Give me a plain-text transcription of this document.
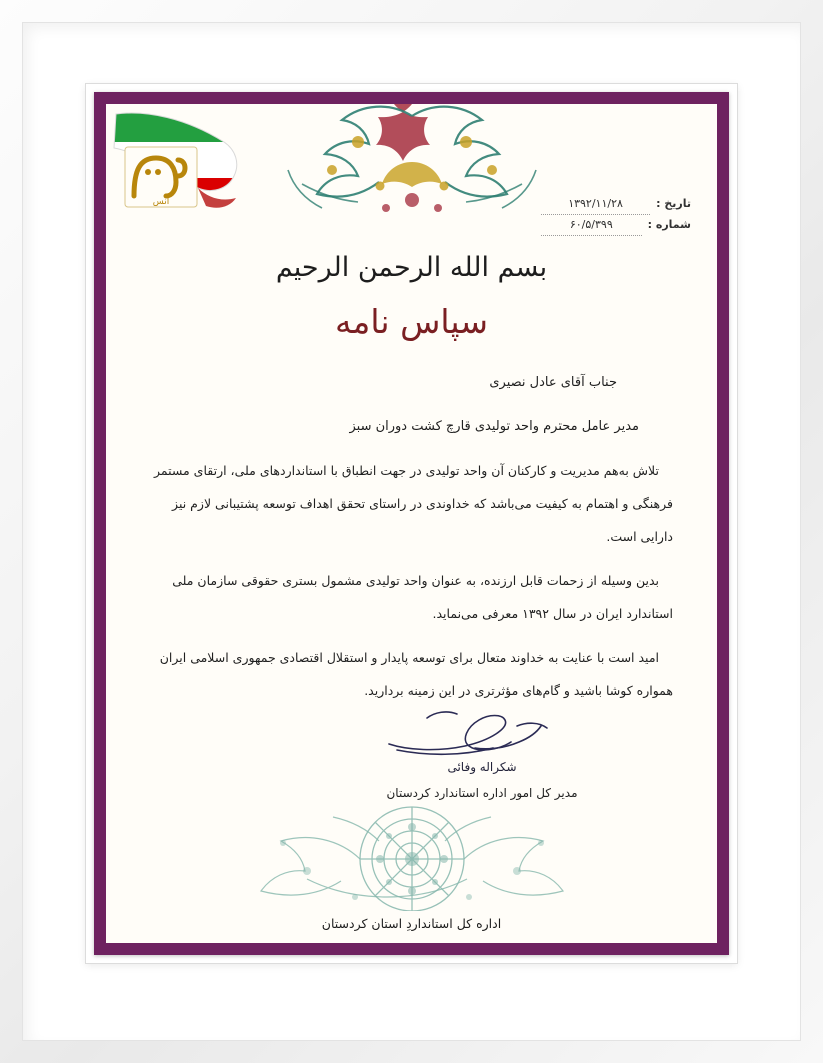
اُنس	تاریخ :
۱۳۹۲/۱۱/۲۸
شماره :
۶۰/۵/۳۹۹
بسم الله الرحمن الرحیم
سپاس نامه

جناب آقای عادل نصیری

مدیر عامل محترم واحد تولیدی قارچ کشت دوران سبز

تلاش به‌هم مدیریت و کارکنان آن واحد تولیدی در جهت انطباق با استانداردهای ملی، ارتقای مستمر فرهنگی و اهتمام به کیفیت می‌باشد که خداوندی در راستای تحقق اهداف توسعه پشتیبانی لازم نیز دارایی است.

بدین وسیله از زحمات قابل ارزنده، به عنوان واحد تولیدی مشمول بستری حقوقی سازمان ملی استاندارد ایران در سال ۱۳۹۲ معرفی می‌نماید.

امید است با عنایت به خداوند متعال برای توسعه پایدار و استقلال اقتصادی جمهوری اسلامی ایران همواره کوشا باشید و گام‌های مؤثرتری در این زمینه بردارید.

شکراله وفائی
مدیر کل امور اداره استاندارد کردستان
اداره کل استانداردِ استان کردستان
